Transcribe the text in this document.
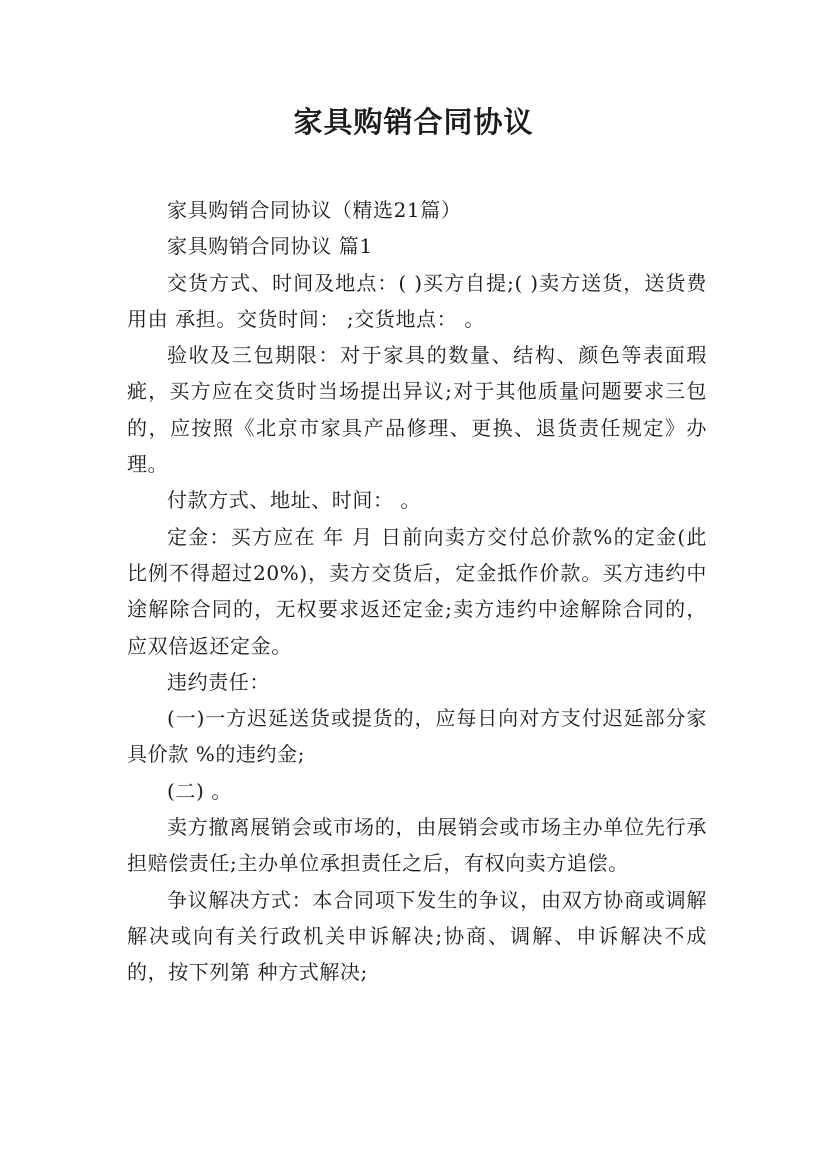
家具购销合同协议

家具购销合同协议（精选21篇）

家具购销合同协议 篇1

交货方式、时间及地点：( )买方自提;( )卖方送货，送货费用由 承担。交货时间： ;交货地点： 。

验收及三包期限：对于家具的数量、结构、颜色等表面瑕疵，买方应在交货时当场提出异议;对于其他质量问题要求三包的，应按照《北京市家具产品修理、更换、退货责任规定》办理。

付款方式、地址、时间： 。

定金：买方应在 年 月 日前向卖方交付总价款%的定金(此比例不得超过20%)，卖方交货后，定金抵作价款。买方违约中途解除合同的，无权要求返还定金;卖方违约中途解除合同的，应双倍返还定金。

违约责任：

(一)一方迟延送货或提货的，应每日向对方支付迟延部分家具价款 %的违约金;

(二) 。

卖方撤离展销会或市场的，由展销会或市场主办单位先行承担赔偿责任;主办单位承担责任之后，有权向卖方追偿。

争议解决方式：本合同项下发生的争议，由双方协商或调解解决或向有关行政机关申诉解决;协商、调解、申诉解决不成的，按下列第 种方式解决;
